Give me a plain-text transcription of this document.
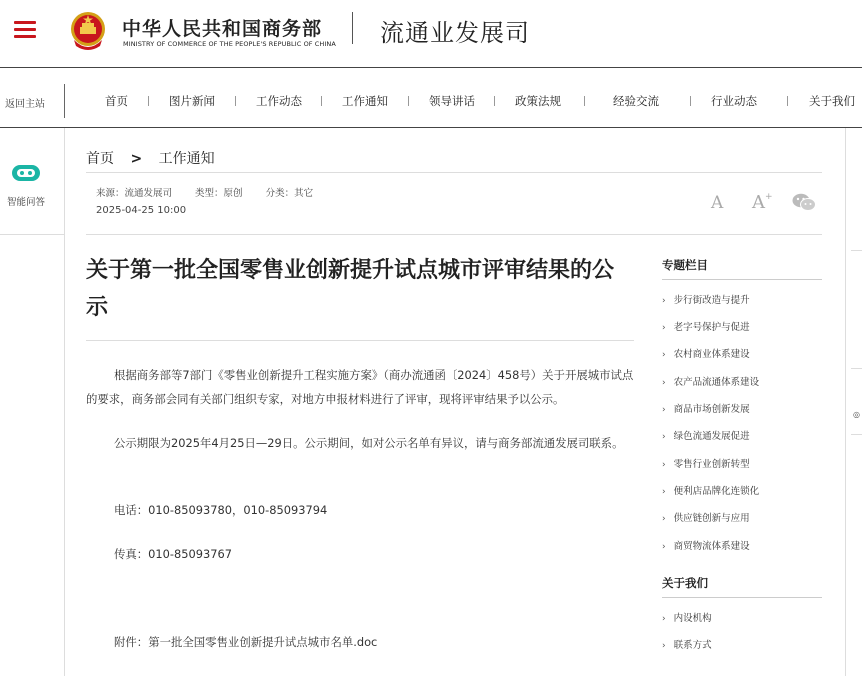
中华人民共和国商务部
MINISTRY OF COMMERCE OF THE PEOPLE'S REPUBLIC OF CHINA 流通业发展司
返回主站	首页	图片新闻	工作动态	工作通知	领导讲话	政策法规	经验交流	行业动态	关于我们
智能问答
◎
首页 > 工作通知
来源：流通发展司 类型：原创 分类：其它
2025-04-25 10:00	A A +
关于第一批全国零售业创新提升试点城市评审结果的公示
根据商务部等7部门《零售业创新提升工程实施方案》（商办流通函〔2024〕458号）关于开展城市试点的要求，商务部会同有关部门组织专家，对地方申报材料进行了评审，现将评审结果予以公示。
公示期限为2025年4月25日—29日。公示期间，如对公示名单有异议，请与商务部流通发展司联系。
电话：010-85093780，010-85093794
传真：010-85093767
附件：第一批全国零售业创新提升试点城市名单.doc
专题栏目
› 步行街改造与提升
› 老字号保护与促进
› 农村商业体系建设
› 农产品流通体系建设
› 商品市场创新发展
› 绿色流通发展促进
› 零售行业创新转型
› 便利店品牌化连锁化
› 供应链创新与应用
› 商贸物流体系建设
关于我们
› 内设机构
› 联系方式
